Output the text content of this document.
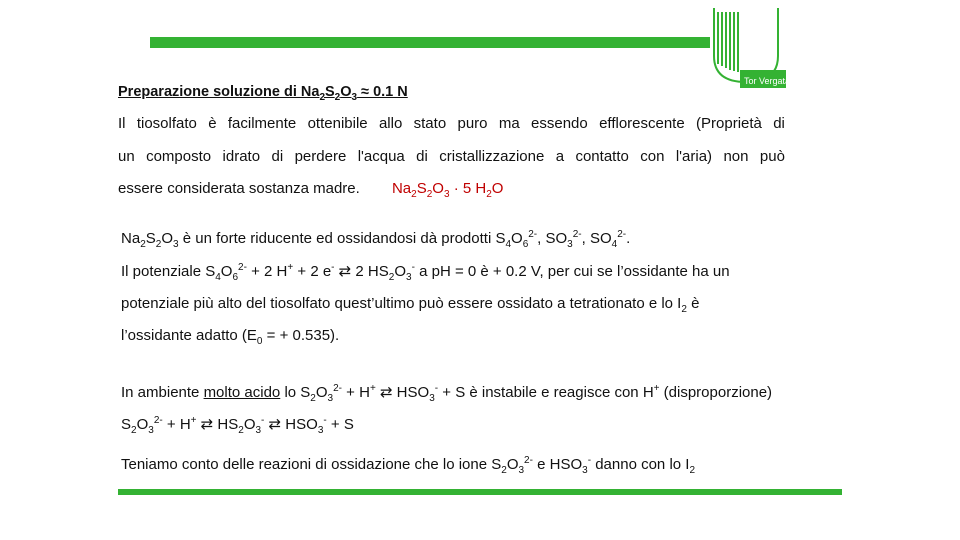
Tor Vergata
Preparazione soluzione di $Na_2S_2O_3 \approx 0.1$ N
Il tiosolfato è facilmente ottenibile allo stato puro ma essendo efflorescente (Proprietà di
un composto idrato di perdere l'acqua di cristallizzazione a contatto con l'aria) non può
essere considerata sostanza madre. $Na_2S_2O_3 \cdot 5$ $H_2O$
$Na_2S_2O_3$ è un forte riducente ed ossidandosi dà prodotti $S_4O_6^{2-}$, $SO_3^{2-}$, $SO_4^{2-}$.
Il potenziale $S_4O_6^{2-} + 2$ H+ + 2 e- ⇄ 2 $HS_2O_3^-$ a pH = 0 è + 0.2 V, per cui se l’ossidante ha un
potenziale più alto del tiosolfato quest’ultimo può essere ossidato a tetrationato e lo $I_2$ è
l’ossidante adatto ($E_0$ = + 0.535).
In ambiente molto acido lo $S_2O_3^{2-} + H^+$ ⇄ $HSO_3^- + S$ è instabile e reagisce con H+ (disproporzione)
$S_2O_3^{2-} + H^+$ ⇄ $HS_2O_3^-$ ⇄ $HSO_3^- + S$
Teniamo conto delle reazioni di ossidazione che lo ione $S_2O_3^{2-}$ e $HSO_3^-$ danno con lo $I_2$
